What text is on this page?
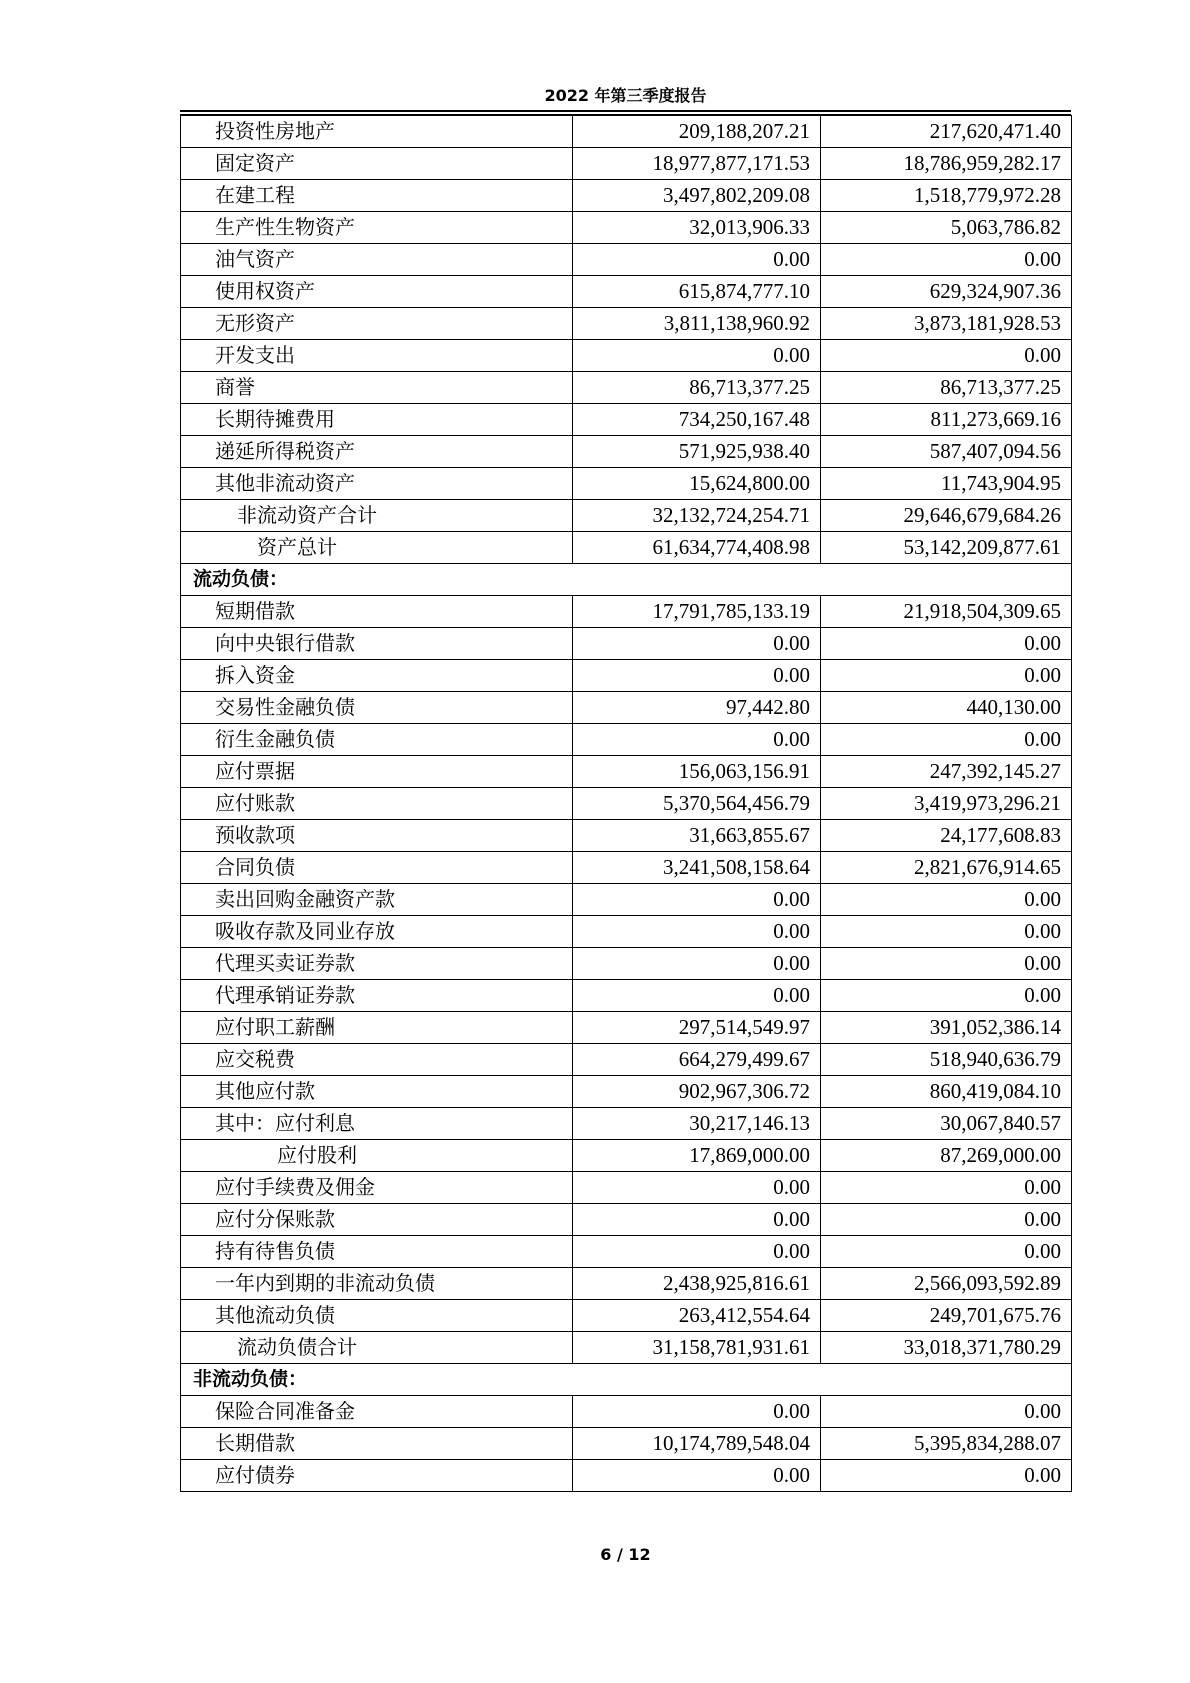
2022 年第三季度报告
投资性房地产	209,188,207.21	217,620,471.40
固定资产	18,977,877,171.53	18,786,959,282.17
在建工程	3,497,802,209.08	1,518,779,972.28
生产性生物资产	32,013,906.33	5,063,786.82
油气资产	0.00	0.00
使用权资产	615,874,777.10	629,324,907.36
无形资产	3,811,138,960.92	3,873,181,928.53
开发支出	0.00	0.00
商誉	86,713,377.25	86,713,377.25
长期待摊费用	734,250,167.48	811,273,669.16
递延所得税资产	571,925,938.40	587,407,094.56
其他非流动资产	15,624,800.00	11,743,904.95
非流动资产合计	32,132,724,254.71	29,646,679,684.26
资产总计	61,634,774,408.98	53,142,209,877.61
流动负债：		
短期借款	17,791,785,133.19	21,918,504,309.65
向中央银行借款	0.00	0.00
拆入资金	0.00	0.00
交易性金融负债	97,442.80	440,130.00
衍生金融负债	0.00	0.00
应付票据	156,063,156.91	247,392,145.27
应付账款	5,370,564,456.79	3,419,973,296.21
预收款项	31,663,855.67	24,177,608.83
合同负债	3,241,508,158.64	2,821,676,914.65
卖出回购金融资产款	0.00	0.00
吸收存款及同业存放	0.00	0.00
代理买卖证券款	0.00	0.00
代理承销证券款	0.00	0.00
应付职工薪酬	297,514,549.97	391,052,386.14
应交税费	664,279,499.67	518,940,636.79
其他应付款	902,967,306.72	860,419,084.10
其中：应付利息	30,217,146.13	30,067,840.57
应付股利	17,869,000.00	87,269,000.00
应付手续费及佣金	0.00	0.00
应付分保账款	0.00	0.00
持有待售负债	0.00	0.00
一年内到期的非流动负债	2,438,925,816.61	2,566,093,592.89
其他流动负债	263,412,554.64	249,701,675.76
流动负债合计	31,158,781,931.61	33,018,371,780.29
非流动负债：		
保险合同准备金	0.00	0.00
长期借款	10,174,789,548.04	5,395,834,288.07
应付债券	0.00	0.00
6 / 12
